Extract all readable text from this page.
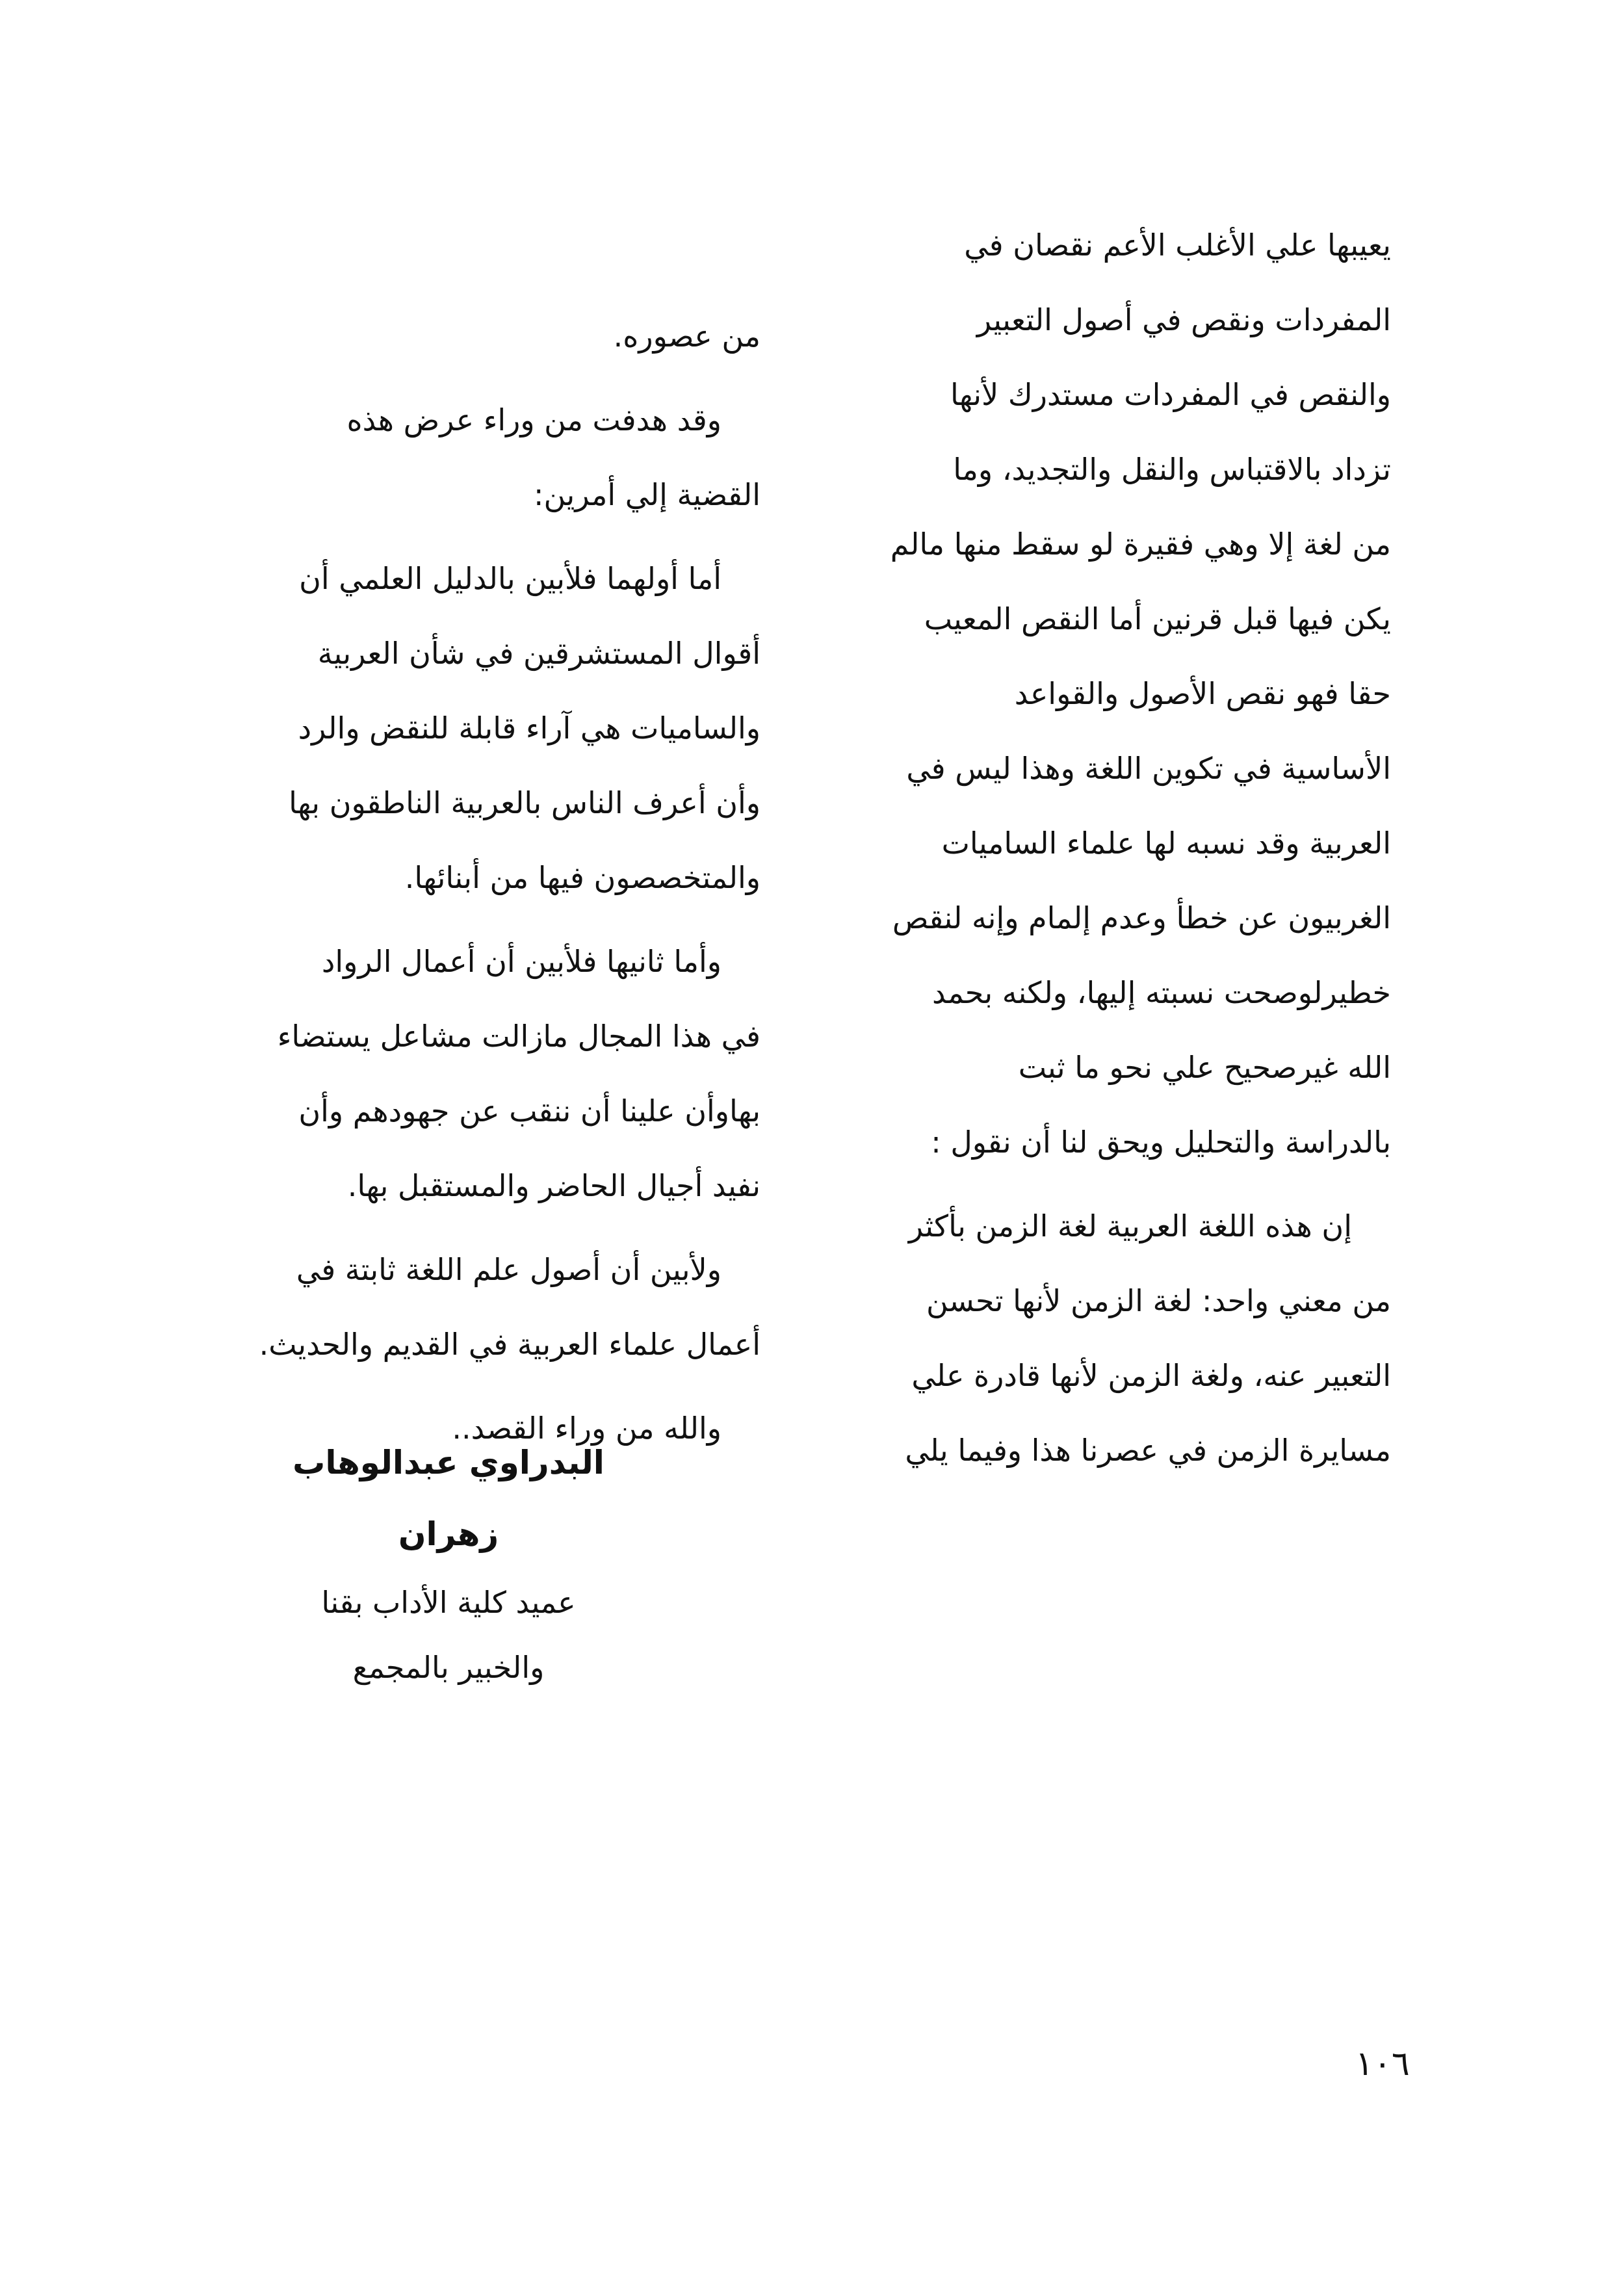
يعيبها علي الأغلب الأعم نقصان في
المفردات ونقص في أصول التعبير
والنقص في المفردات مستدرك لأنها
تزداد بالاقتباس والنقل والتجديد، وما
من لغة إلا وهي فقيرة لو سقط منها مالم
يكن فيها قبل قرنين أما النقص المعيب
حقا فهو نقص الأصول والقواعد
الأساسية في تكوين اللغة وهذا ليس في
العربية وقد نسبه لها علماء الساميات
الغربيون عن خطأ وعدم إلمام وإنه لنقص
خطيرلوصحت نسبته إليها، ولكنه بحمد
الله غيرصحيح علي نحو ما ثبت
بالدراسة والتحليل ويحق لنا أن نقول :
إن هذه اللغة العربية لغة الزمن بأكثر
من معني واحد: لغة الزمن لأنها تحسن
التعبير عنه، ولغة الزمن لأنها قادرة علي
مسايرة الزمن في عصرنا هذا وفيما يلي
من عصوره.
وقد هدفت من وراء عرض هذه
القضية إلي أمرين:
أما أولهما فلأبين بالدليل العلمي أن
أقوال المستشرقين في شأن العربية
والساميات هي آراء قابلة للنقض والرد
وأن أعرف الناس بالعربية الناطقون بها
والمتخصصون فيها من أبنائها.
وأما ثانيها فلأبين أن أعمال الرواد
في هذا المجال مازالت مشاعل يستضاء
بهاوأن علينا أن ننقب عن جهودهم وأن
نفيد أجيال الحاضر والمستقبل بها.
ولأبين أن أصول علم اللغة ثابتة في
أعمال علماء العربية في القديم والحديث.
والله من وراء القصد..
البدراوي عبدالوهاب زهران
عميد كلية الأداب بقنا
والخبير بالمجمع
١٠٦
